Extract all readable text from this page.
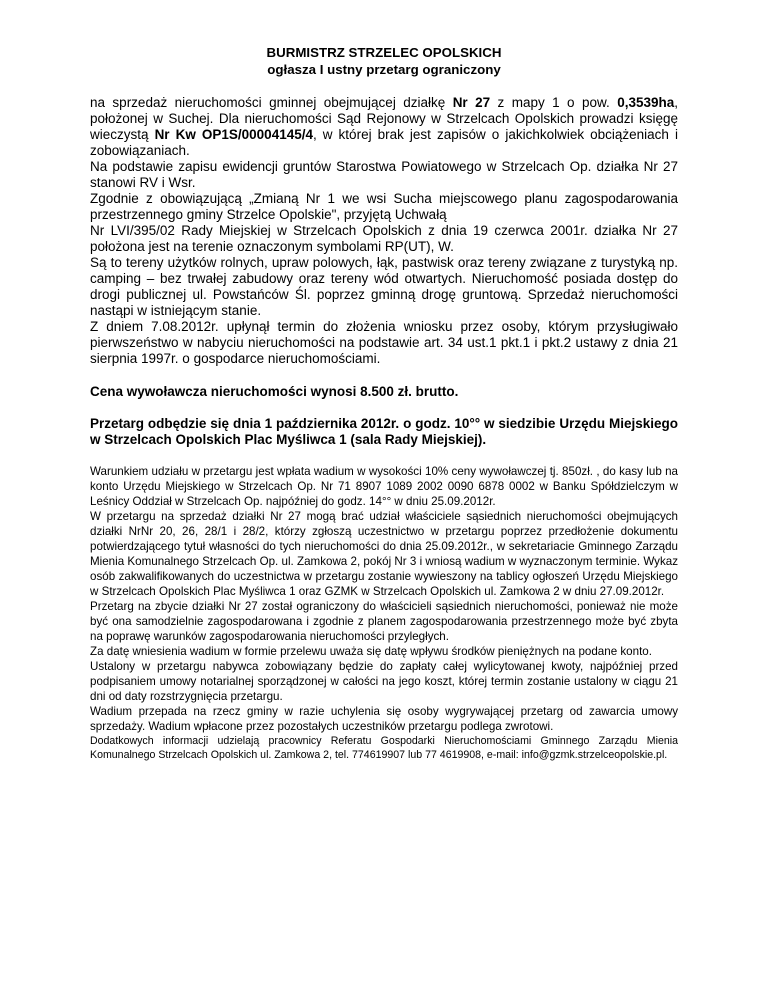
BURMISTRZ STRZELEC OPOLSKICH
ogłasza I ustny przetarg ograniczony

na sprzedaż nieruchomości gminnej obejmującej działkę Nr 27 z mapy 1 o pow. 0,3539ha, położonej w Suchej. Dla nieruchomości Sąd Rejonowy w Strzelcach Opolskich prowadzi księgę wieczystą Nr Kw OP1S/00004145/4, w której brak jest zapisów o jakichkolwiek obciążeniach i zobowiązaniach.

Na podstawie zapisu ewidencji gruntów Starostwa Powiatowego w Strzelcach Op. działka Nr 27 stanowi RV i Wsr.

Zgodnie z obowiązującą „Zmianą Nr 1 we wsi Sucha miejscowego planu zagospodarowania przestrzennego gminy Strzelce Opolskie", przyjętą Uchwałą

Nr LVI/395/02 Rady Miejskiej w Strzelcach Opolskich z dnia 19 czerwca 2001r. działka Nr 27 położona jest na terenie oznaczonym symbolami RP(UT), W.

Są to tereny użytków rolnych, upraw polowych, łąk, pastwisk oraz tereny związane z turystyką np. camping – bez trwałej zabudowy oraz tereny wód otwartych. Nieruchomość posiada dostęp do drogi publicznej ul. Powstańców Śl. poprzez gminną drogę gruntową. Sprzedaż nieruchomości nastąpi w istniejącym stanie.

Z dniem 7.08.2012r. upłynął termin do złożenia wniosku przez osoby, którym przysługiwało pierwszeństwo w nabyciu nieruchomości na podstawie art. 34 ust.1 pkt.1 i pkt.2 ustawy z dnia 21 sierpnia 1997r. o gospodarce nieruchomościami.

Cena wywoławcza nieruchomości wynosi 8.500 zł. brutto.
Przetarg odbędzie się dnia 1 października 2012r. o godz. 10°° w siedzibie Urzędu Miejskiego w Strzelcach Opolskich Plac Myśliwca 1 (sala Rady Miejskiej).

Warunkiem udziału w przetargu jest wpłata wadium w wysokości 10% ceny wywoławczej tj. 850zł. , do kasy lub na konto Urzędu Miejskiego w Strzelcach Op. Nr 71 8907 1089 2002 0090 6878 0002 w Banku Spółdzielczym w Leśnicy Oddział w Strzelcach Op. najpóźniej do godz. 14°° w dniu 25.09.2012r.

W przetargu na sprzedaż działki Nr 27 mogą brać udział właściciele sąsiednich nieruchomości obejmujących działki NrNr 20, 26, 28/1 i 28/2, którzy zgłoszą uczestnictwo w przetargu poprzez przedłożenie dokumentu potwierdzającego tytuł własności do tych nieruchomości do dnia 25.09.2012r., w sekretariacie Gminnego Zarządu Mienia Komunalnego Strzelcach Op. ul. Zamkowa 2, pokój Nr 3 i wniosą wadium w wyznaczonym terminie. Wykaz osób zakwalifikowanych do uczestnictwa w przetargu zostanie wywieszony na tablicy ogłoszeń Urzędu Miejskiego w Strzelcach Opolskich Plac Myśliwca 1 oraz GZMK w Strzelcach Opolskich ul. Zamkowa 2 w dniu 27.09.2012r.

Przetarg na zbycie działki Nr 27 został ograniczony do właścicieli sąsiednich nieruchomości, ponieważ nie może być ona samodzielnie zagospodarowana i zgodnie z planem zagospodarowania przestrzennego może być zbyta na poprawę warunków zagospodarowania nieruchomości przyległych.

Za datę wniesienia wadium w formie przelewu uważa się datę wpływu środków pieniężnych na podane konto.

Ustalony w przetargu nabywca zobowiązany będzie do zapłaty całej wylicytowanej kwoty, najpóźniej przed podpisaniem umowy notarialnej sporządzonej w całości na jego koszt, której termin zostanie ustalony w ciągu 21 dni od daty rozstrzygnięcia przetargu.

Wadium przepada na rzecz gminy w razie uchylenia się osoby wygrywającej przetarg od zawarcia umowy sprzedaży. Wadium wpłacone przez pozostałych uczestników przetargu podlega zwrotowi.

Dodatkowych informacji udzielają pracownicy Referatu Gospodarki Nieruchomościami Gminnego Zarządu Mienia Komunalnego Strzelcach Opolskich ul. Zamkowa 2, tel. 774619907 lub 77 4619908, e-mail: info@gzmk.strzelceopolskie.pl.
